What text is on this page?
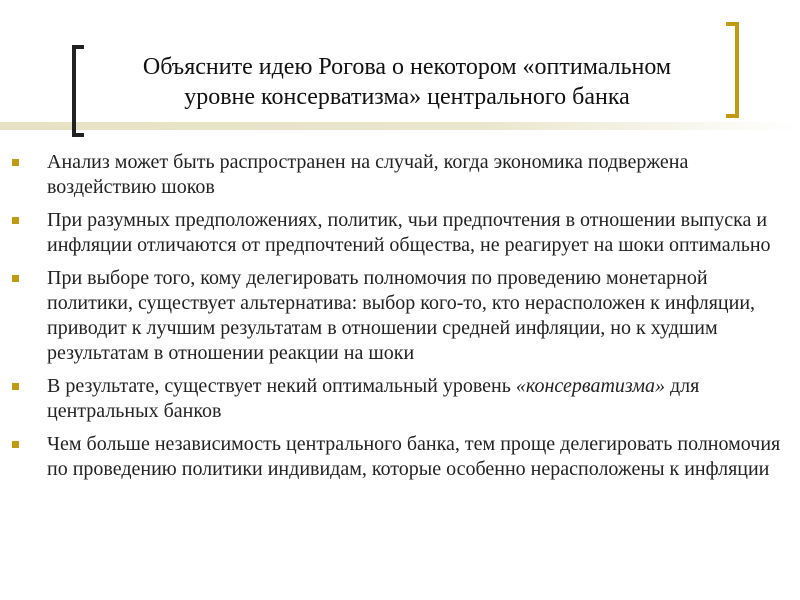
Объясните идею Рогова о некотором «оптимальном
уровне консерватизма» центрального банка
Анализ может быть распространен на случай, когда экономика подвержена воздействию шоков
При разумных предположениях, политик, чьи предпочтения в отношении выпуска и инфляции отличаются от предпочтений общества, не реагирует на шоки оптимально
При выборе того, кому делегировать полномочия по проведению монетарной политики, существует альтернатива: выбор кого-то, кто нерасположен к инфляции, приводит к лучшим результатам в отношении средней инфляции, но к худшим результатам в отношении реакции на шоки
В результате, существует некий оптимальный уровень «консерватизма» для центральных банков
Чем больше независимость центрального банка, тем проще делегировать полномочия по проведению политики индивидам, которые особенно нерасположены к инфляции
